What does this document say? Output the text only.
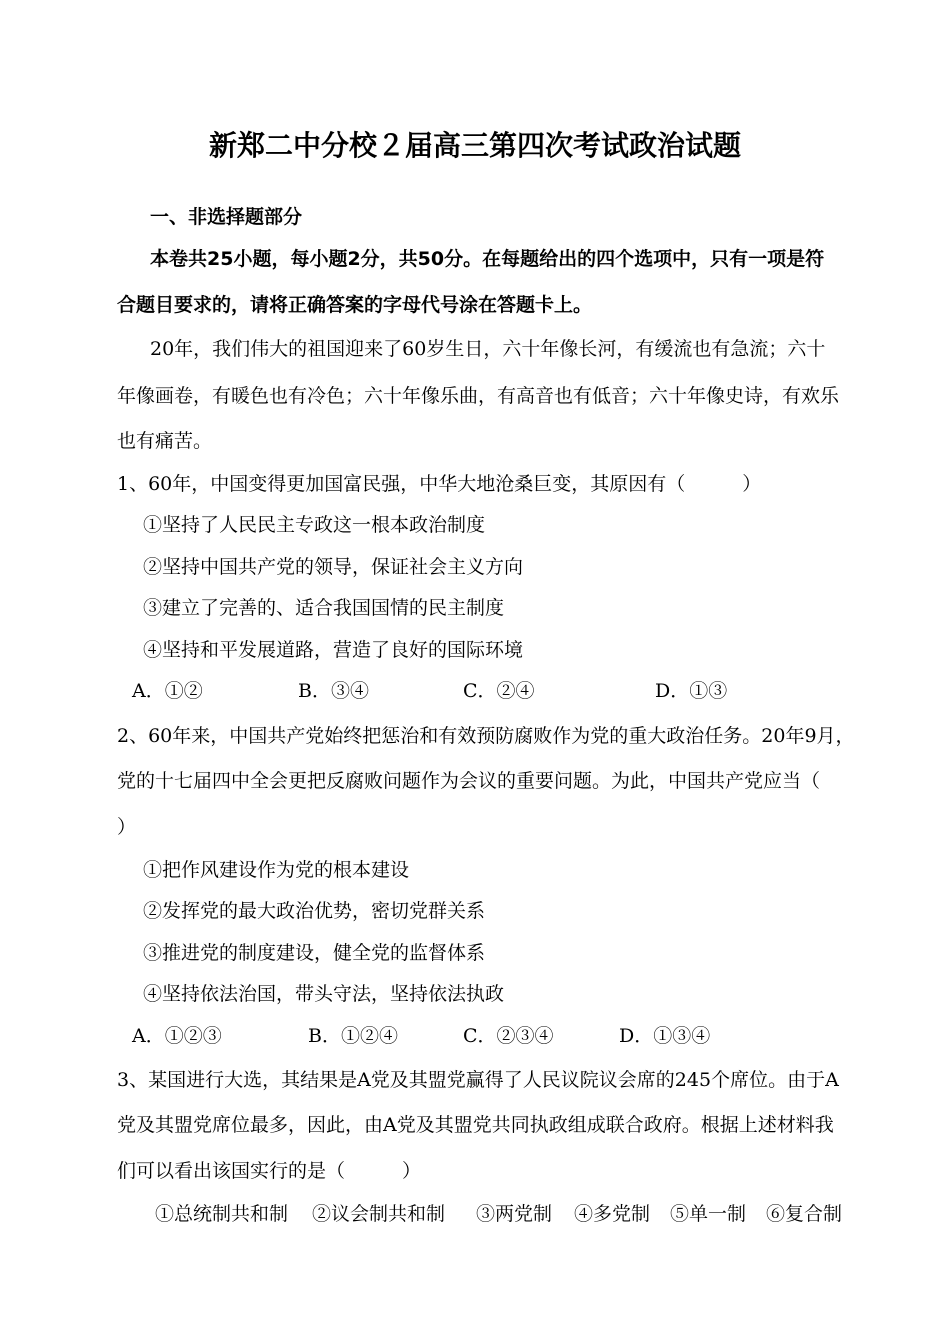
新郑二中分校２届高三第四次考试政治试题
一、非选择题部分
本卷共25小题，每小题2分，共50分。在每题给出的四个选项中，只有一项是符
合题目要求的，请将正确答案的字母代号涂在答题卡上。
20年，我们伟大的祖国迎来了60岁生日，六十年像长河，有缓流也有急流；六十
年像画卷，有暖色也有冷色；六十年像乐曲，有高音也有低音；六十年像史诗，有欢乐
也有痛苦。
1、60年，中国变得更加国富民强，中华大地沧桑巨变，其原因有（　　　）
①坚持了人民民主专政这一根本政治制度
②坚持中国共产党的领导，保证社会主义方向
③建立了完善的、适合我国国情的民主制度
④坚持和平发展道路，营造了良好的国际环境
A．①②	B．③④	C．②④	D．①③
2、60年来，中国共产党始终把惩治和有效预防腐败作为党的重大政治任务。20年9月，
党的十七届四中全会更把反腐败问题作为会议的重要问题。为此，中国共产党应当（
）
①把作风建设作为党的根本建设
②发挥党的最大政治优势，密切党群关系
③推进党的制度建设，健全党的监督体系
④坚持依法治国，带头守法，坚持依法执政
A．①②③	B．①②④	C．②③④	D．①③④
3、某国进行大选，其结果是A党及其盟党赢得了人民议院议会席的245个席位。由于A
党及其盟党席位最多，因此，由A党及其盟党共同执政组成联合政府。根据上述材料我
们可以看出该国实行的是（　　　）
①总统制共和制 ②议会制共和制 ③两党制 ④多党制 ⑤单一制 ⑥复合制
